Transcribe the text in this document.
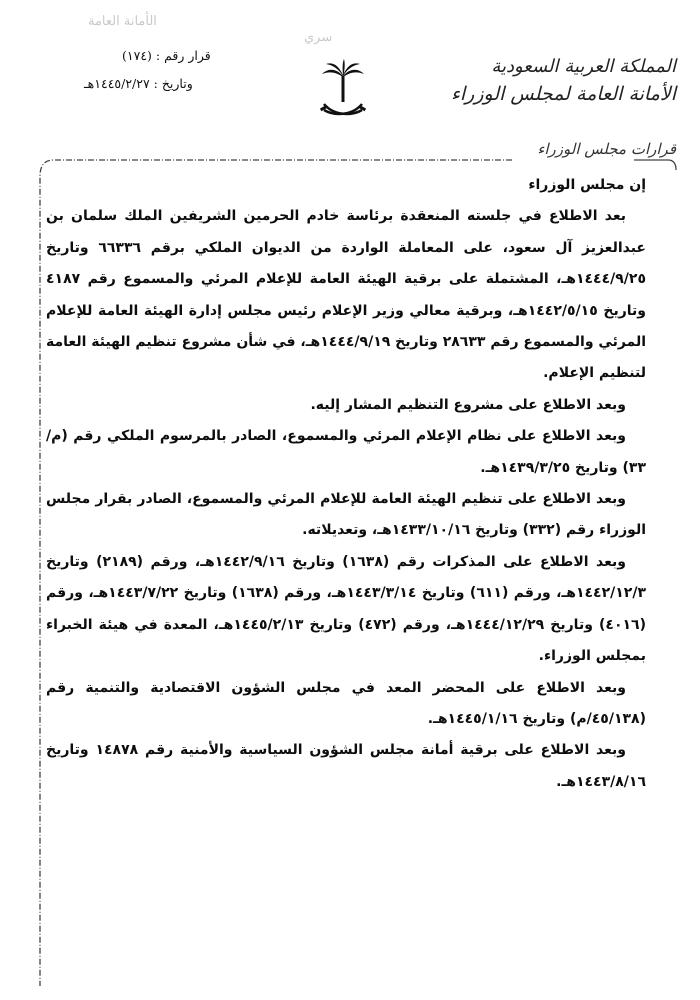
الأمانة العامة
سري
قرار رقم : (١٧٤)
وتاريخ : ١٤٤٥/٢/٢٧هـ
المملكة العربية السعودية
الأمانة العامة لمجلس الوزراء
قرارات مجلس الوزراء

إن مجلس الوزراء

بعد الاطلاع في جلسته المنعقدة برئاسة خادم الحرمين الشريفين الملك سلمان بن عبدالعزيز آل سعود، على المعاملة الواردة من الديوان الملكي برقم ٦٦٣٣٦ وتاريخ ١٤٤٤/٩/٢٥هـ، المشتملة على برقية الهيئة العامة للإعلام المرئي والمسموع رقم ٤١٨٧ وتاريخ ١٤٤٢/٥/١٥هـ، وبرقية معالي وزير الإعلام رئيس مجلس إدارة الهيئة العامة للإعلام المرئي والمسموع رقم ٢٨٦٣٣ وتاريخ ١٤٤٤/٩/١٩هـ، في شأن مشروع تنظيم الهيئة العامة لتنظيم الإعلام.

وبعد الاطلاع على مشروع التنظيم المشار إليه.

وبعد الاطلاع على نظام الإعلام المرئي والمسموع، الصادر بالمرسوم الملكي رقم (م/٣٣) وتاريخ ١٤٣٩/٣/٢٥هـ.

وبعد الاطلاع على تنظيم الهيئة العامة للإعلام المرئي والمسموع، الصادر بقرار مجلس الوزراء رقم (٣٣٢) وتاريخ ١٤٣٣/١٠/١٦هـ، وتعديلاته.

وبعد الاطلاع على المذكرات رقم (١٦٣٨) وتاريخ ١٤٤٢/٩/١٦هـ، ورقم (٢١٨٩) وتاريخ ١٤٤٢/١٢/٣هـ، ورقم (٦١١) وتاريخ ١٤٤٣/٣/١٤هـ، ورقم (١٦٣٨) وتاريخ ١٤٤٣/٧/٢٢هـ، ورقم (٤٠١٦) وتاريخ ١٤٤٤/١٢/٢٩هـ، ورقم (٤٧٢) وتاريخ ١٤٤٥/٢/١٣هـ، المعدة في هيئة الخبراء بمجلس الوزراء.

وبعد الاطلاع على المحضر المعد في مجلس الشؤون الاقتصادية والتنمية رقم (٤٥/١٣٨/م) وتاريخ ١٤٤٥/١/١٦هـ.

وبعد الاطلاع على برقية أمانة مجلس الشؤون السياسية والأمنية رقم ١٤٨٧٨ وتاريخ ١٤٤٣/٨/١٦هـ.
